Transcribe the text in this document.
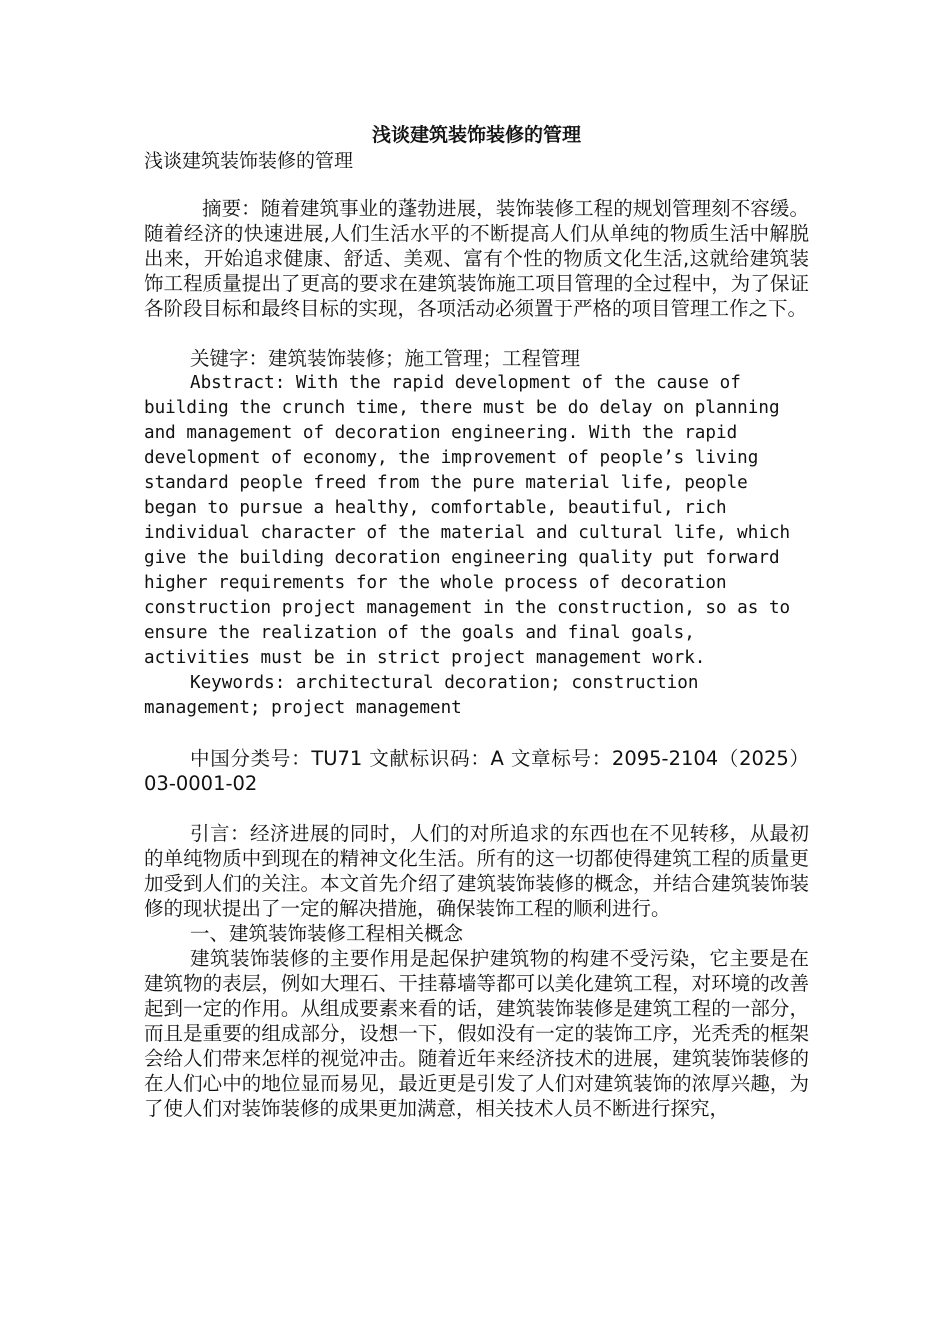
浅谈建筑装饰装修的管理

浅谈建筑装饰装修的管理

摘要：随着建筑事业的蓬勃进展，装饰装修工程的规划管理刻不容缓。随着经济的快速进展,人们生活水平的不断提高人们从单纯的物质生活中解脱出来，开始追求健康、舒适、美观、富有个性的物质文化生活,这就给建筑装饰工程质量提出了更高的要求在建筑装饰施工项目管理的全过程中，为了保证各阶段目标和最终目标的实现，各项活动必须置于严格的项目管理工作之下。

关键字：建筑装饰装修；施工管理；工程管理

Abstract: With the rapid development of the cause of building the crunch time, there must be do delay on planning and management of decoration engineering. With the rapid development of economy, the improvement of people’s living standard people freed from the pure material life, people began to pursue a healthy, comfortable, beautiful, rich individual character of the material and cultural life, which give the building decoration engineering quality put forward higher requirements for the whole process of decoration construction project management in the construction, so as to ensure the realization of the goals and final goals, activities must be in strict project management work.

Keywords: architectural decoration; construction management; project management

中国分类号：TU71 文献标识码：A 文章标号：2095-2104（2025）03-0001-02

引言：经济进展的同时，人们的对所追求的东西也在不见转移，从最初的单纯物质中到现在的精神文化生活。所有的这一切都使得建筑工程的质量更加受到人们的关注。本文首先介绍了建筑装饰装修的概念，并结合建筑装饰装修的现状提出了一定的解决措施，确保装饰工程的顺利进行。

一、建筑装饰装修工程相关概念

建筑装饰装修的主要作用是起保护建筑物的构建不受污染，它主要是在建筑物的表层，例如大理石、干挂幕墙等都可以美化建筑工程，对环境的改善起到一定的作用。从组成要素来看的话，建筑装饰装修是建筑工程的一部分，而且是重要的组成部分，设想一下，假如没有一定的装饰工序，光秃秃的框架会给人们带来怎样的视觉冲击。随着近年来经济技术的进展，建筑装饰装修的在人们心中的地位显而易见，最近更是引发了人们对建筑装饰的浓厚兴趣，为了使人们对装饰装修的成果更加满意，相关技术人员不断进行探究，
